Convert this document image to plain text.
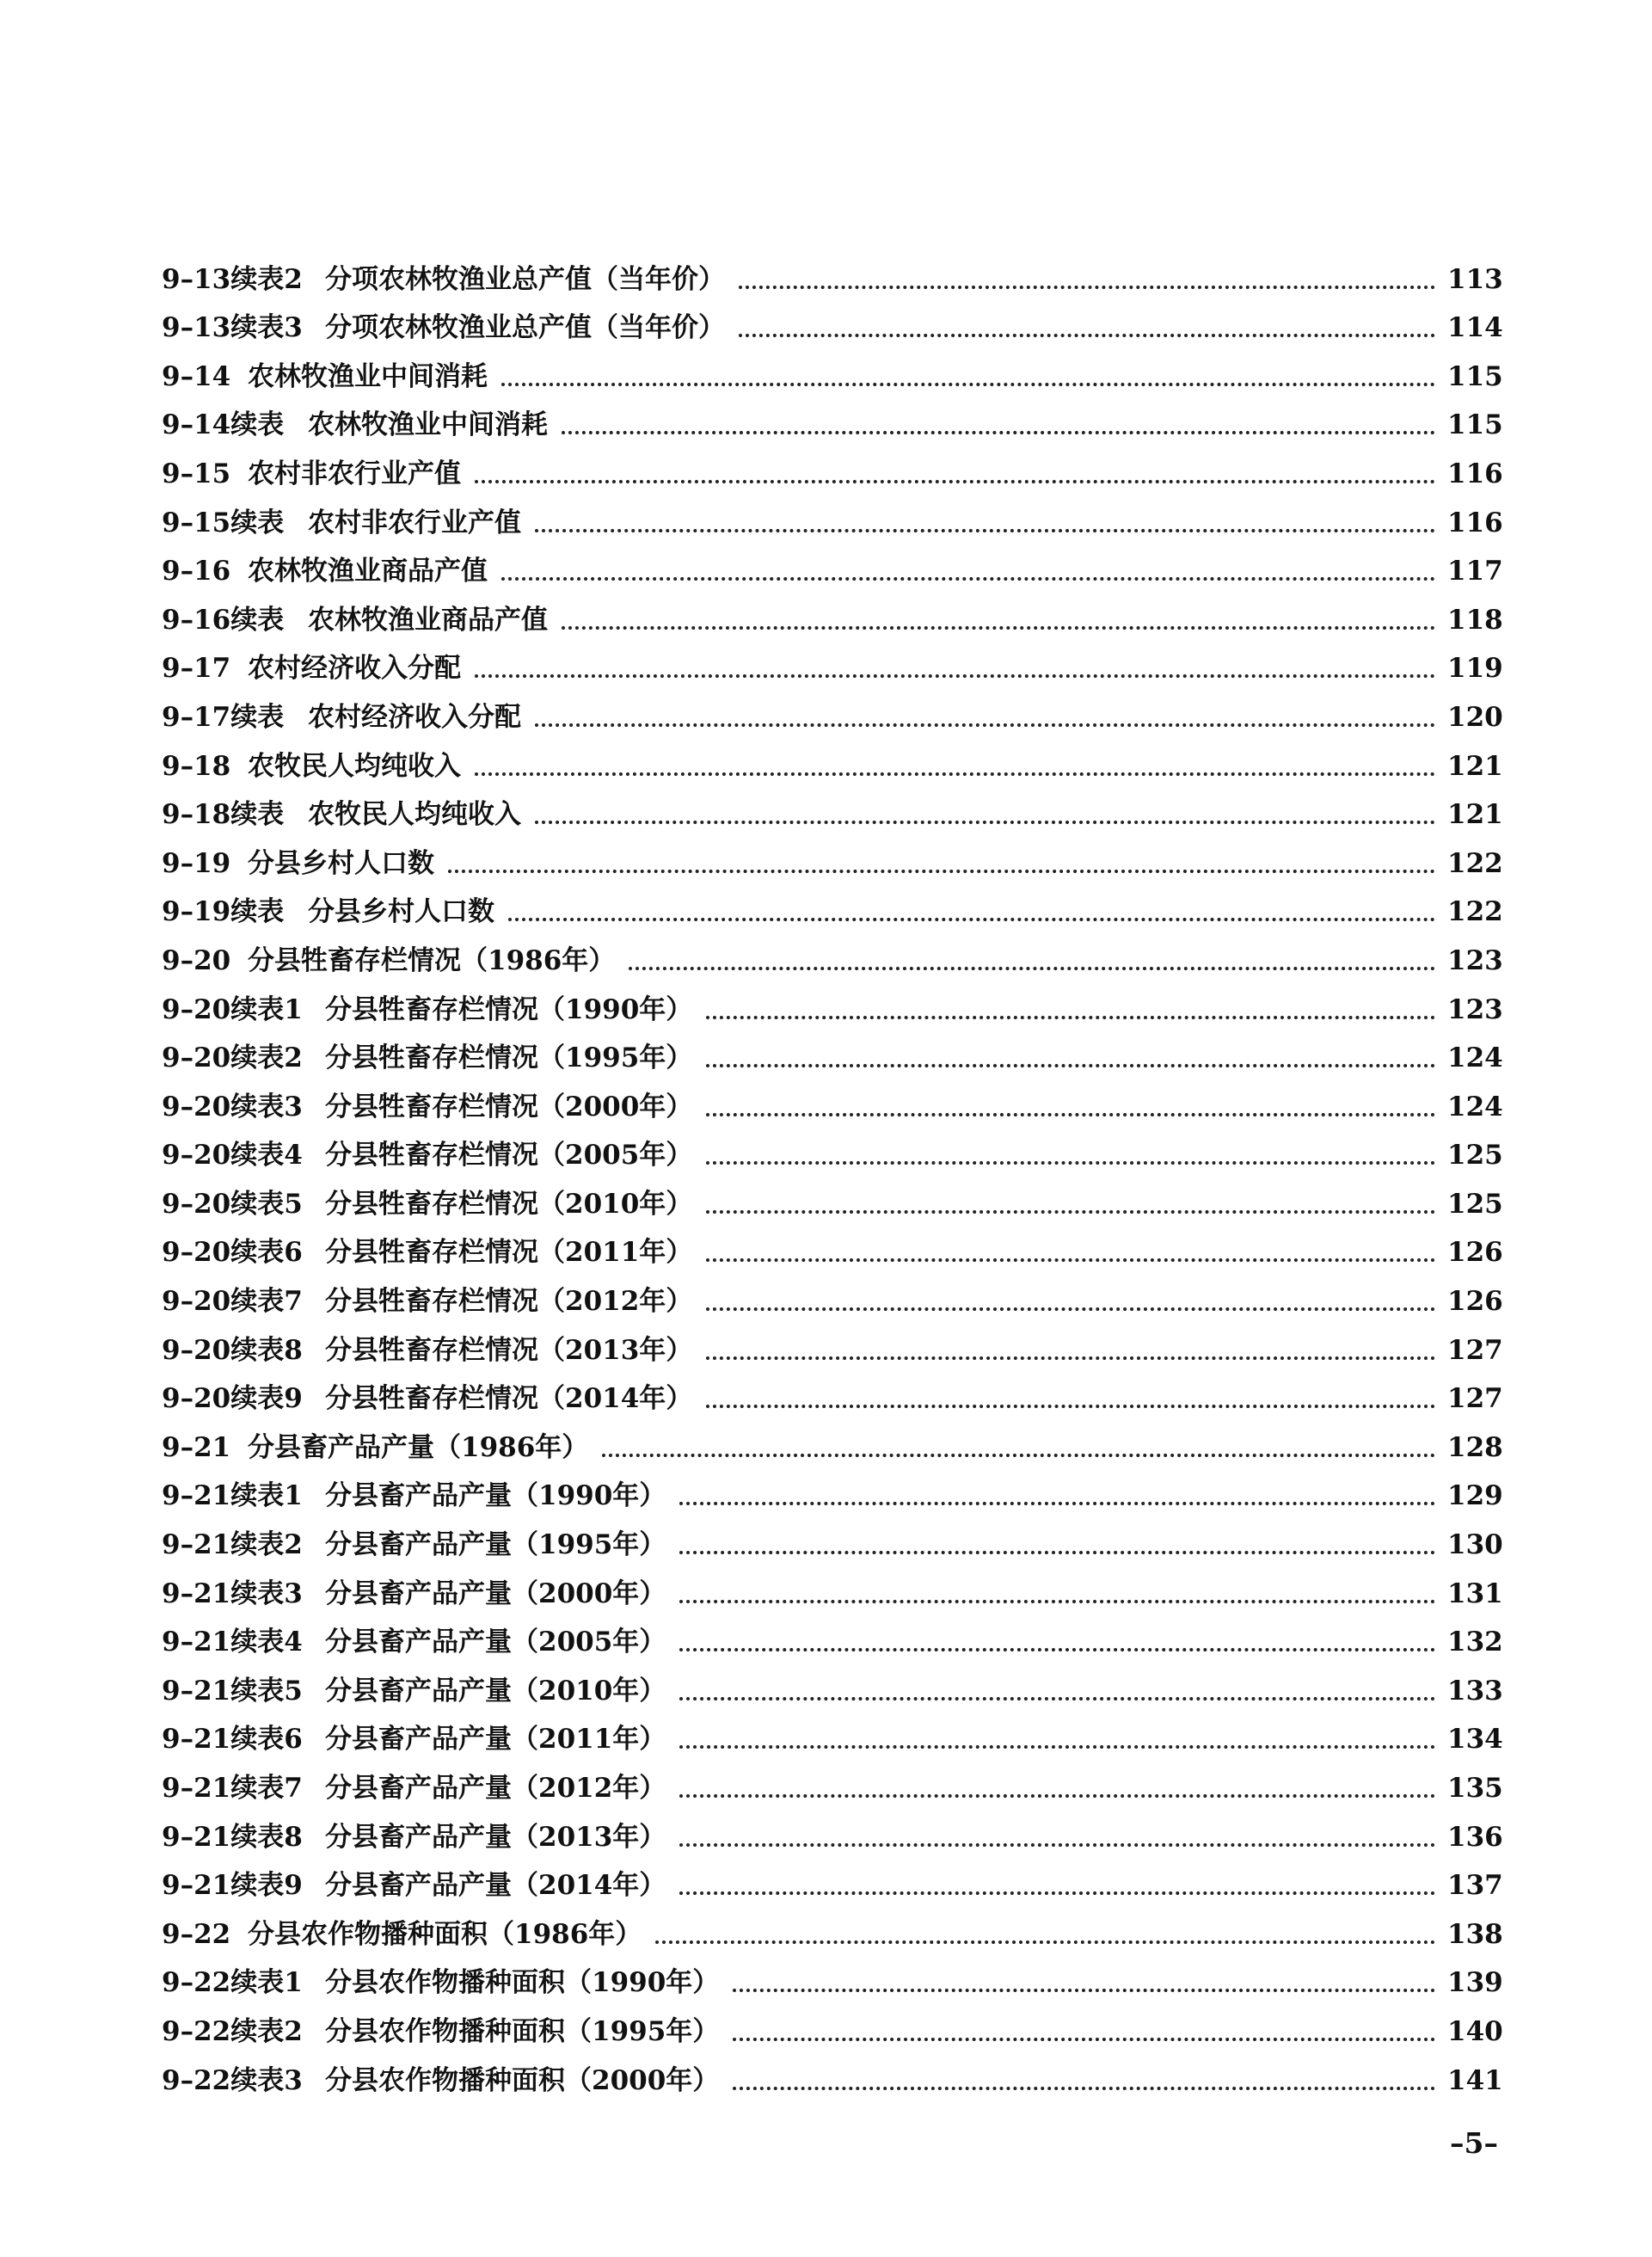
9–13续表2 分项农林牧渔业总产值（当年价）	113
9–13续表3 分项农林牧渔业总产值（当年价）	114
9–14 农林牧渔业中间消耗	115
9–14续表 农林牧渔业中间消耗	115
9–15 农村非农行业产值	116
9–15续表 农村非农行业产值	116
9–16 农林牧渔业商品产值	117
9–16续表 农林牧渔业商品产值	118
9–17 农村经济收入分配	119
9–17续表 农村经济收入分配	120
9–18 农牧民人均纯收入	121
9–18续表 农牧民人均纯收入	121
9–19 分县乡村人口数	122
9–19续表 分县乡村人口数	122
9–20 分县牲畜存栏情况（1986年）	123
9–20续表1 分县牲畜存栏情况（1990年）	123
9–20续表2 分县牲畜存栏情况（1995年）	124
9–20续表3 分县牲畜存栏情况（2000年）	124
9–20续表4 分县牲畜存栏情况（2005年）	125
9–20续表5 分县牲畜存栏情况（2010年）	125
9–20续表6 分县牲畜存栏情况（2011年）	126
9–20续表7 分县牲畜存栏情况（2012年）	126
9–20续表8 分县牲畜存栏情况（2013年）	127
9–20续表9 分县牲畜存栏情况（2014年）	127
9–21 分县畜产品产量（1986年）	128
9–21续表1 分县畜产品产量（1990年）	129
9–21续表2 分县畜产品产量（1995年）	130
9–21续表3 分县畜产品产量（2000年）	131
9–21续表4 分县畜产品产量（2005年）	132
9–21续表5 分县畜产品产量（2010年）	133
9–21续表6 分县畜产品产量（2011年）	134
9–21续表7 分县畜产品产量（2012年）	135
9–21续表8 分县畜产品产量（2013年）	136
9–21续表9 分县畜产品产量（2014年）	137
9–22 分县农作物播种面积（1986年）	138
9–22续表1 分县农作物播种面积（1990年）	139
9–22续表2 分县农作物播种面积（1995年）	140
9–22续表3 分县农作物播种面积（2000年）	141
–5–
